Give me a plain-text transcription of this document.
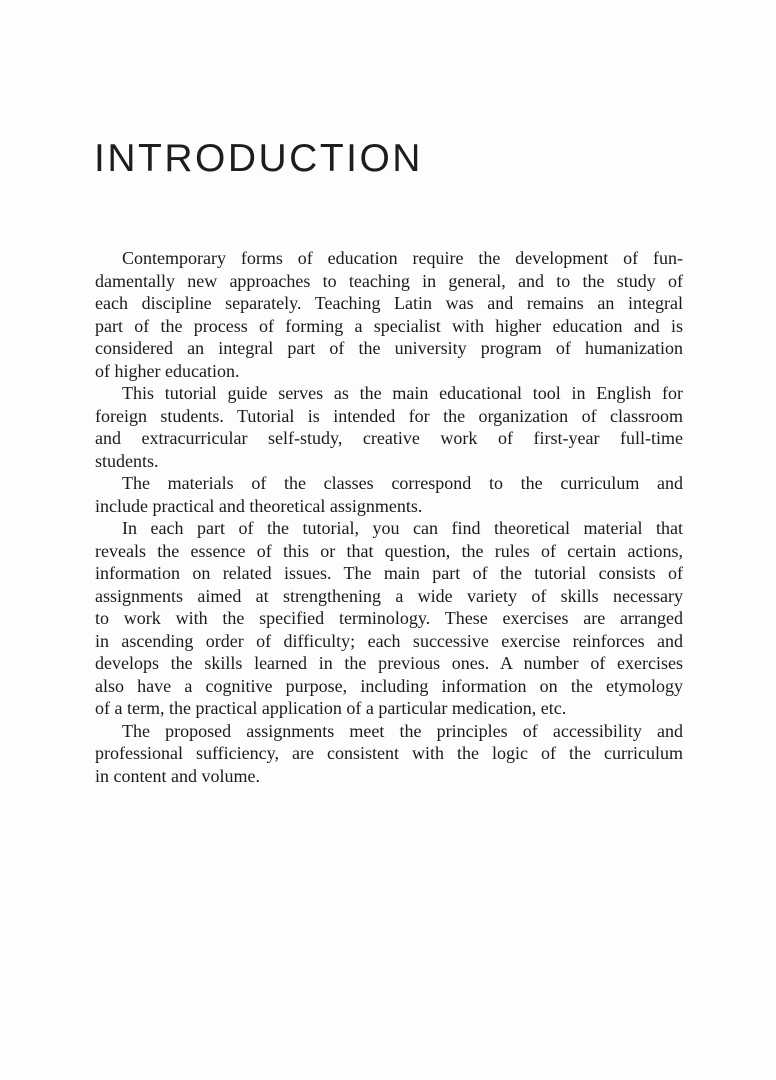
INTRODUCTION
Contemporary forms of education require the development of fun-
damentally new approaches to teaching in general, and to the study of
each discipline separately. Teaching Latin was and remains an integral
part of the process of forming a specialist with higher education and is
considered an integral part of the university program of humanization
of higher education.
This tutorial guide serves as the main educational tool in English for
foreign students. Tutorial is intended for the organization of classroom
and extracurricular self-study, creative work of first-year full-time
students.
The materials of the classes correspond to the curriculum and
include practical and theoretical assignments.
In each part of the tutorial, you can find theoretical material that
reveals the essence of this or that question, the rules of certain actions,
information on related issues. The main part of the tutorial consists of
assignments aimed at strengthening a wide variety of skills necessary
to work with the specified terminology. These exercises are arranged
in ascending order of difficulty; each successive exercise reinforces and
develops the skills learned in the previous ones. A number of exercises
also have a cognitive purpose, including information on the etymology
of a term, the practical application of a particular medication, etc.
The proposed assignments meet the principles of accessibility and
professional sufficiency, are consistent with the logic of the curriculum
in content and volume.
